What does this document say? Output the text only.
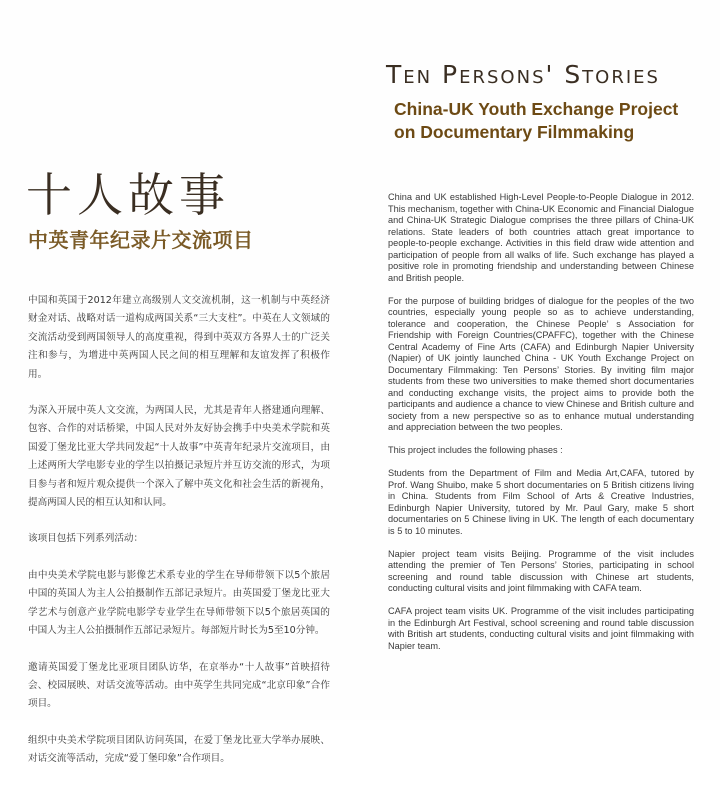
Ten Persons' Stories
China-UK Youth Exchange Project
on Documentary Filmmaking
十人故事
中英青年纪录片交流项目

中国和英国于2012年建立高级别人文交流机制，这一机制与中英经济财金对话、战略对话一道构成两国关系“三大支柱”。中英在人文领域的交流活动受到两国领导人的高度重视，得到中英双方各界人士的广泛关注和参与，为增进中英两国人民之间的相互理解和友谊发挥了积极作用。

为深入开展中英人文交流，为两国人民，尤其是青年人搭建通向理解、包容、合作的对话桥梁，中国人民对外友好协会携手中央美术学院和英国爱丁堡龙比亚大学共同发起“十人故事”中英青年纪录片交流项目，由上述两所大学电影专业的学生以拍摄记录短片并互访交流的形式，为项目参与者和短片观众提供一个深入了解中英文化和社会生活的新视角，提高两国人民的相互认知和认同。

该项目包括下列系列活动：

由中央美术学院电影与影像艺术系专业的学生在导师带领下以5个旅居中国的英国人为主人公拍摄制作五部记录短片。由英国爱丁堡龙比亚大学艺术与创意产业学院电影学专业学生在导师带领下以5个旅居英国的中国人为主人公拍摄制作五部记录短片。每部短片时长为5至10分钟。

邀请英国爱丁堡龙比亚项目团队访华，在京举办“十人故事”首映招待会、校园展映、对话交流等活动。由中英学生共同完成“北京印象”合作项目。

组织中央美术学院项目团队访问英国，在爱丁堡龙比亚大学举办展映、对话交流等活动，完成“爱丁堡印象”合作项目。

China and UK established High-Level People-to-People Dialogue in 2012. This mechanism, together with China-UK Economic and Financial Dialogue and China-UK Strategic Dialogue comprises the three pillars of China-UK relations. State leaders of both countries attach great importance to people-to-people exchange. Activities in this field draw wide attention and participation of people from all walks of life. Such exchange has played a positive role in promoting friendship and understanding between Chinese and British people.

For the purpose of building bridges of dialogue for the peoples of the two countries, especially young people so as to achieve understanding, tolerance and cooperation, the Chinese People’ s Association for Friendship with Foreign Countries(CPAFFC), together with the Chinese Central Academy of Fine Arts (CAFA) and Edinburgh Napier University (Napier) of UK jointly launched China - UK Youth Exchange Project on Documentary Filmmaking: Ten Persons’ Stories. By inviting film major students from these two universities to make themed short documentaries and conducting exchange visits, the project aims to provide both the participants and audience a chance to view Chinese and British culture and society from a new perspective so as to enhance mutual understanding and appreciation between the two peoples.

This project includes the following phases :

Students from the Department of Film and Media Art,CAFA, tutored by Prof. Wang Shuibo, make 5 short documentaries on 5 British citizens living in China. Students from Film School of Arts & Creative Industries, Edinburgh Napier University, tutored by Mr. Paul Gary, make 5 short documentaries on 5 Chinese living in UK. The length of each documentary is 5 to 10 minutes.

Napier project team visits Beijing. Programme of the visit includes attending the premier of Ten Persons’ Stories, participating in school screening and round table discussion with Chinese art students, conducting cultural visits and joint filmmaking with CAFA team.

CAFA project team visits UK. Programme of the visit includes participating in the Edinburgh Art Festival, school screening and round table discussion with British art students, conducting cultural visits and joint filmmaking with Napier team.
